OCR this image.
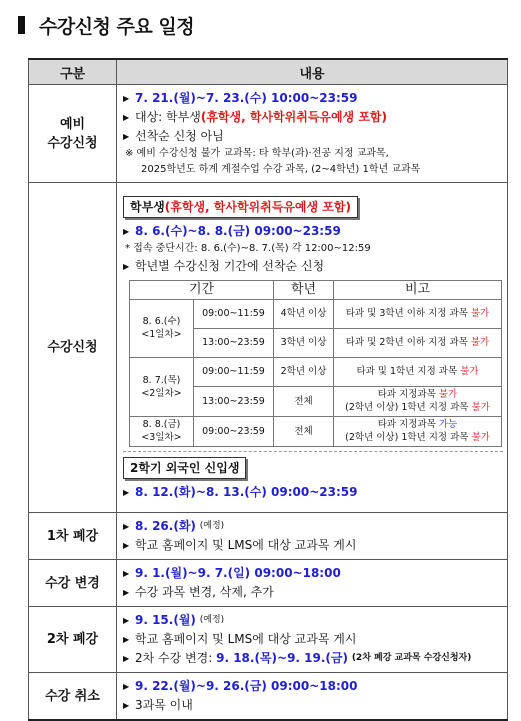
수강신청 주요 일정
구분	내용

예비
수강신청

▶ 7. 21.(월)~7. 23.(수) 10:00~23:59
▶ 대상: 학부생 (휴학생, 학사학위취득유예생 포함)
▶ 선착순 신청 아님
※ 예비 수강신청 불가 교과목: 타 학부(과)·전공 지정 교과목,
2025학년도 하계 계절수업 수강 과목, (2~4학년) 1학년 교과목

수강신청	학부생(휴학생, 학사학위취득유예생 포함)
▶ 8. 6.(수)~8. 8.(금) 09:00~23:59
* 접속 중단시간: 8. 6.(수)~8. 7.(목) 각 12:00~12:59
▶ 학년별 수강신청 기간에 선착순 신청
기간	학년	비고

8. 6.(수)
<1일차>
	09:00~11:59	4학년 이상	타과 및 3학년 이하 지정 과목 불가
13:00~23:59	3학년 이상	타과 및 2학년 이하 지정 과목 불가

8. 7.(목)
<2일차>
	09:00~11:59	2학년 이상	타과 및 1학년 지정 과목 불가
13:00~23:59	전체	
타과 지정과목 불가
(2학년 이상) 1학년 지정 과목 불가

8. 8.(금)
<3일차>
	09:00~23:59	전체	
타과 지정과목 가능
(2학년 이상) 1학년 지정 과목 불가
2학기 외국인 신입생
▶ 8. 12.(화)~8. 13.(수) 09:00~23:59

1차 폐강	
▶ 8. 26.(화)
(예정)
▶ 학교 홈페이지 및 LMS에 대상 교과목 게시

수강 변경	
▶ 9. 1.(월)~9. 7.(일) 09:00~18:00
▶ 수강 과목 변경, 삭제, 추가

2차 폐강	
▶ 9. 15.(월)
(예정)
▶ 학교 홈페이지 및 LMS에 대상 교과목 게시
▶ 2차 수강 변경:
9. 18.(목)~9. 19.(금)
(2차 폐강 교과목 수강신청자)

수강 취소	
▶ 9. 22.(월)~9. 26.(금) 09:00~18:00
▶ 3과목 이내
